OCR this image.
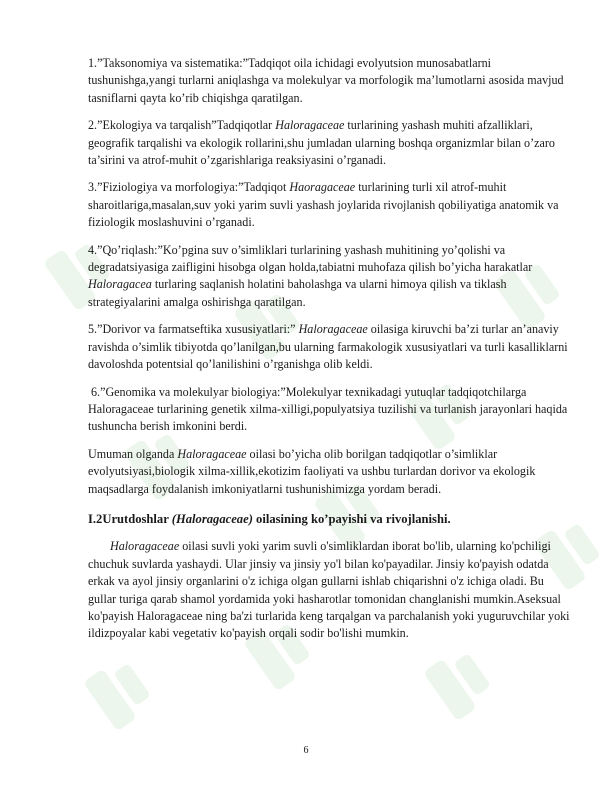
1.”Taksonomiya va sistematika:”Tadqiqot oila ichidagi evolyutsion munosabatlarni tushunishga,yangi turlarni aniqlashga va molekulyar va morfologik ma’lumotlarni asosida mavjud tasniflarni qayta ko’rib chiqishga qaratilgan.

2.”Ekologiya va tarqalish”Tadqiqotlar Haloragaceae turlarining yashash muhiti afzalliklari, geografik tarqalishi va ekologik rollarini,shu jumladan ularning boshqa organizmlar bilan o’zaro ta’sirini va atrof-muhit o’zgarishlariga reaksiyasini o’rganadi.

3.”Fiziologiya va morfologiya:”Tadqiqot Haoragaceae turlarining turli xil atrof-muhit sharoitlariga,masalan,suv yoki yarim suvli yashash joylarida rivojlanish qobiliyatiga anatomik va fiziologik moslashuvini o’rganadi.

4.”Qo’riqlash:”Ko’pgina suv o’simliklari turlarining yashash muhitining yo’qolishi va degradatsiyasiga zaifligini hisobga olgan holda,tabiatni muhofaza qilish bo’yicha harakatlar Haloragacea turlaring saqlanish holatini baholashga va ularni himoya qilish va tiklash strategiyalarini amalga oshirishga qaratilgan.

5.”Dorivor va farmatseftika xususiyatlari:” Haloragaceae oilasiga kiruvchi ba’zi turlar an’anaviy ravishda o’simlik tibiyotda qo’lanilgan,bu ularning farmakologik xususiyatlari va turli kasalliklarni davoloshda potentsial qo’lanilishini o’rganishga olib keldi.

6.”Genomika va molekulyar biologiya:”Molekulyar texnikadagi yutuqlar tadqiqotchilarga Haloragaceae turlarining genetik xilma-xilligi,populyatsiya tuzilishi va turlanish jarayonlari haqida tushuncha berish imkonini berdi.

Umuman olganda Haloragaceae oilasi bo’yicha olib borilgan tadqiqotlar o’simliklar evolyutsiyasi,biologik xilma-xillik,ekotizim faoliyati va ushbu turlardan dorivor va ekologik maqsadlarga foydalanish imkoniyatlarni tushunishimizga yordam beradi.

I.2Urutdoshlar (Haloragaceae) oilasining ko’payishi va rivojlanishi.

Haloragaceae oilasi suvli yoki yarim suvli o'simliklardan iborat bo'lib, ularning ko'pchiligi chuchuk suvlarda yashaydi. Ular jinsiy va jinsiy yo'l bilan ko'payadilar. Jinsiy ko'payish odatda erkak va ayol jinsiy organlarini o'z ichiga olgan gullarni ishlab chiqarishni o'z ichiga oladi. Bu gullar turiga qarab shamol yordamida yoki hasharotlar tomonidan changlanishi mumkin.Aseksual ko'payish Haloragaceae ning ba'zi turlarida keng tarqalgan va parchalanish yoki yuguruvchilar yoki ildizpoyalar kabi vegetativ ko'payish orqali sodir bo'lishi mumkin.

6
